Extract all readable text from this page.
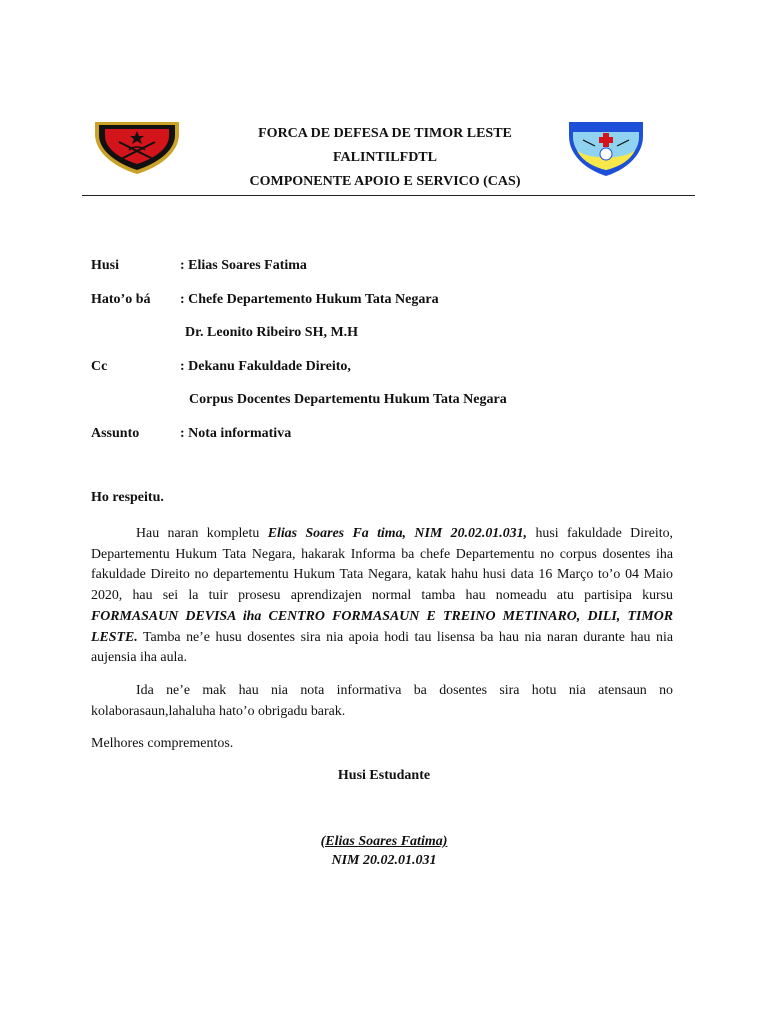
FORCA DE DEFESA DE TIMOR LESTE
FALINTILFDTL
COMPONENTE APOIO E SERVICO (CAS)
Husi	: Elias Soares Fatima
Hato’o bá : Chefe Departemento Hukum Tata Negara
Dr. Leonito Ribeiro SH, M.H
Cc	: Dekanu Fakuldade Direito,
Corpus Docentes Departementu Hukum Tata Negara
Assunto	: Nota informativa
Ho respeitu.
Hau naran kompletu Elias Soares Fa tima, NIM 20.02.01.031, husi fakuldade Direito, Departementu Hukum Tata Negara, hakarak Informa ba chefe Departementu no corpus dosentes iha fakuldade Direito no departementu Hukum Tata Negara, katak hahu husi data 16 Março to’o 04 Maio 2020, hau sei la tuir prosesu aprendizajen normal tamba hau nomeadu atu partisipa kursu FORMASAUN DEVISA iha CENTRO FORMASAUN E TREINO METINARO, DILI, TIMOR LESTE. Tamba ne’e husu dosentes sira nia apoia hodi tau lisensa ba hau nia naran durante hau nia aujensia iha aula.
Ida ne’e mak hau nia nota informativa ba dosentes sira hotu nia atensaun no kolaborasaun,lahaluha hato’o obrigadu barak.
Melhores comprementos.
Husi Estudante
(Elias Soares Fatima)
NIM 20.02.01.031
